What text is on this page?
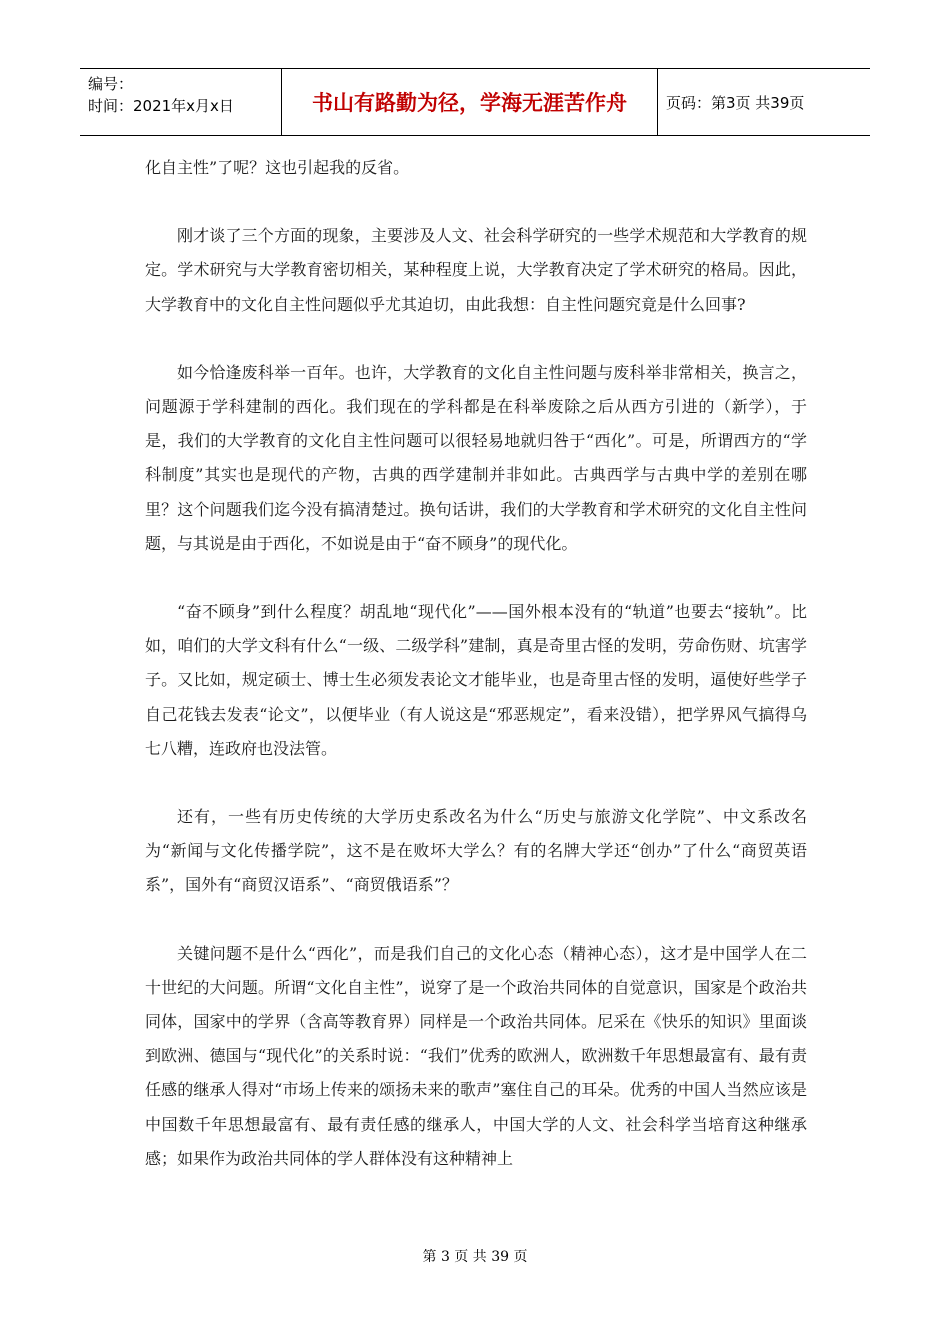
编号：
时间：2021年x月x日	书山有路勤为径，学海无涯苦作舟	页码：第3页 共39页

化自主性”了呢？这也引起我的反省。

刚才谈了三个方面的现象，主要涉及人文、社会科学研究的一些学术规范和大学教育的规定。学术研究与大学教育密切相关，某种程度上说，大学教育决定了学术研究的格局。因此，大学教育中的文化自主性问题似乎尤其迫切，由此我想：自主性问题究竟是什么回事?

如今恰逢废科举一百年。也许，大学教育的文化自主性问题与废科举非常相关，换言之，问题源于学科建制的西化。我们现在的学科都是在科举废除之后从西方引进的（新学），于是，我们的大学教育的文化自主性问题可以很轻易地就归咎于“西化”。可是，所谓西方的“学科制度”其实也是现代的产物，古典的西学建制并非如此。古典西学与古典中学的差别在哪里？这个问题我们迄今没有搞清楚过。换句话讲，我们的大学教育和学术研究的文化自主性问题，与其说是由于西化，不如说是由于“奋不顾身”的现代化。

“奋不顾身”到什么程度？胡乱地“现代化”——国外根本没有的“轨道”也要去“接轨”。比如，咱们的大学文科有什么“一级、二级学科”建制，真是奇里古怪的发明，劳命伤财、坑害学子。又比如，规定硕士、博士生必须发表论文才能毕业，也是奇里古怪的发明，逼使好些学子自己花钱去发表“论文”，以便毕业（有人说这是“邪恶规定”，看来没错），把学界风气搞得乌七八糟，连政府也没法管。

还有，一些有历史传统的大学历史系改名为什么“历史与旅游文化学院”、中文系改名为“新闻与文化传播学院”，这不是在败坏大学么？有的名牌大学还“创办”了什么“商贸英语系”，国外有“商贸汉语系”、“商贸俄语系”？

关键问题不是什么“西化”，而是我们自己的文化心态（精神心态），这才是中国学人在二十世纪的大问题。所谓“文化自主性”，说穿了是一个政治共同体的自觉意识，国家是个政治共同体，国家中的学界（含高等教育界）同样是一个政治共同体。尼采在《快乐的知识》里面谈到欧洲、德国与“现代化”的关系时说：“我们”优秀的欧洲人，欧洲数千年思想最富有、最有责任感的继承人得对“市场上传来的颂扬未来的歌声”塞住自己的耳朵。优秀的中国人当然应该是中国数千年思想最富有、最有责任感的继承人，中国大学的人文、社会科学当培育这种继承感；如果作为政治共同体的学人群体没有这种精神上

第 3 页 共 39 页
